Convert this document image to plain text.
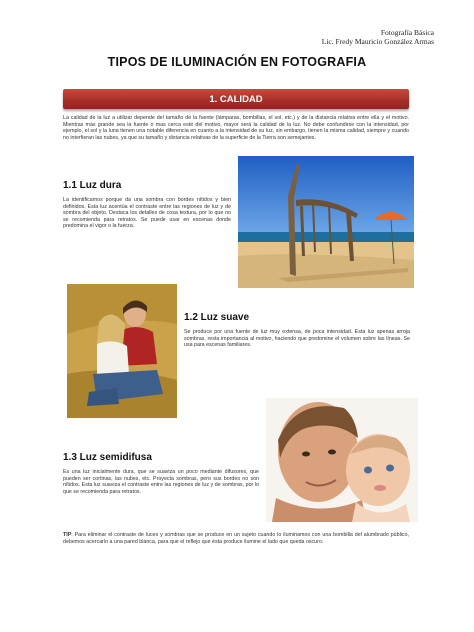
Fotografía Básica
Lic. Fredy Mauricio González Armas
TIPOS DE ILUMINACIÓN EN FOTOGRAFIA
1. CALIDAD
La calidad de la luz a utilizar depende del tamaño de la fuente (lámparas, bombillas, el sol, etc.) y de la distancia relativa entre ella y el motivo. Mientras más grande sea la fuente o mas cerca esté del motivo, mayor será la calidad de la luz. No debe confundirse con la intensidad, por ejemplo, el sol y la luna tienen una notable diferencia en cuanto a la intensidad de su luz, sin embargo, tienen la misma calidad, siempre y cuando no interfieran las nubes, ya que su tamaño y distancia relativas de la superficie de la Tierra son semejantes.
1.1 Luz dura
La identificamos porque da una sombra con bordes nítidos y bien definidos. Esta luz acentúa el contraste entre las regiones de luz y de sombra del objeto. Destaca los detalles de cosa textura, por lo que no se recomienda para retratos. Se puede usar en escenas donde predomina el vigor o la fuerza.
1.2 Luz suave
Se produce por una fuente de luz muy extensa, de poca intensidad. Esta luz apenas arroja sombras, resta importancia al motivo, haciendo que predomine el volumen sobre las líneas. Se usa para escenas familiares.
1.3 Luz semidifusa
Es una luz inicialmente dura, que se suaviza un poco mediante difusores, que pueden ser cortinas, las nubes, etc. Proyecta sombras, pero sus bordes no son nítidos. Esta luz suaviza el contraste entre las regiones de luz y de sombras, por lo que se recomienda para retratos.
TIP: Para eliminar el contraste de luces y sombras que se produce en un sujeto cuando lo iluminamos con una bombilla del alumbrado público, debemos acercarlo a una pared blanca, para que el reflejo que ésta produce ilumine el lado que queda oscuro.
